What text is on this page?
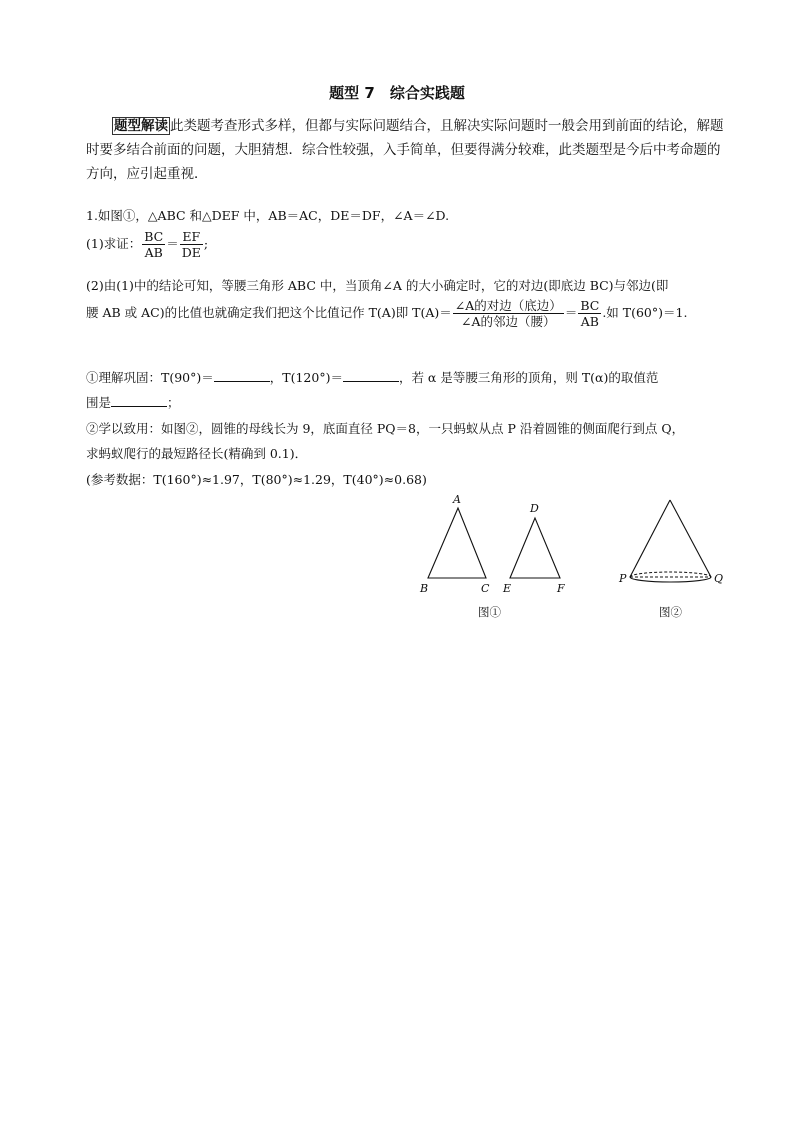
题型 7　综合实践题
题型解读 此类题考查形式多样，但都与实际问题结合，且解决实际问题时一般会用到前面的结论，解题时要多结合前面的问题，大胆猜想．综合性较强，入手简单，但要得满分较难，此类题型是今后中考命题的方向，应引起重视．
1.如图①，△ABC 和△DEF 中，AB＝AC，DE＝DF，∠A＝∠D.
(1)求证： $\frac{BC}{AB} = \frac{EF}{DE}$ ;
(2)由(1)中的结论可知，等腰三角形 ABC 中，当顶角∠A 的大小确定时，它的对边(即底边 BC)与邻边(即
腰 AB 或 AC)的比值也就确定我们把这个比值记作 T(A)即 $T(A)= \frac{\text{∠A的对边（底边）}}{\text{∠A的邻边（腰）}} = \frac{BC}{AB}$ .如 T(60°)＝1.
①理解巩固：T(90°)＝	，T(120°)＝	，若 α 是等腰三角形的顶角，则 T(α)的取值范
围是	；
②学以致用：如图②，圆锥的母线长为 9，底面直径 PQ＝8，一只蚂蚁从点 P 沿着圆锥的侧面爬行到点 Q，
求蚂蚁爬行的最短路径长(精确到 0.1)．
(参考数据：T(160°)≈1.97，T(80°)≈1.29，T(40°)≈0.68)
A
B	C
D
E	F
图①
P	Q
图②
